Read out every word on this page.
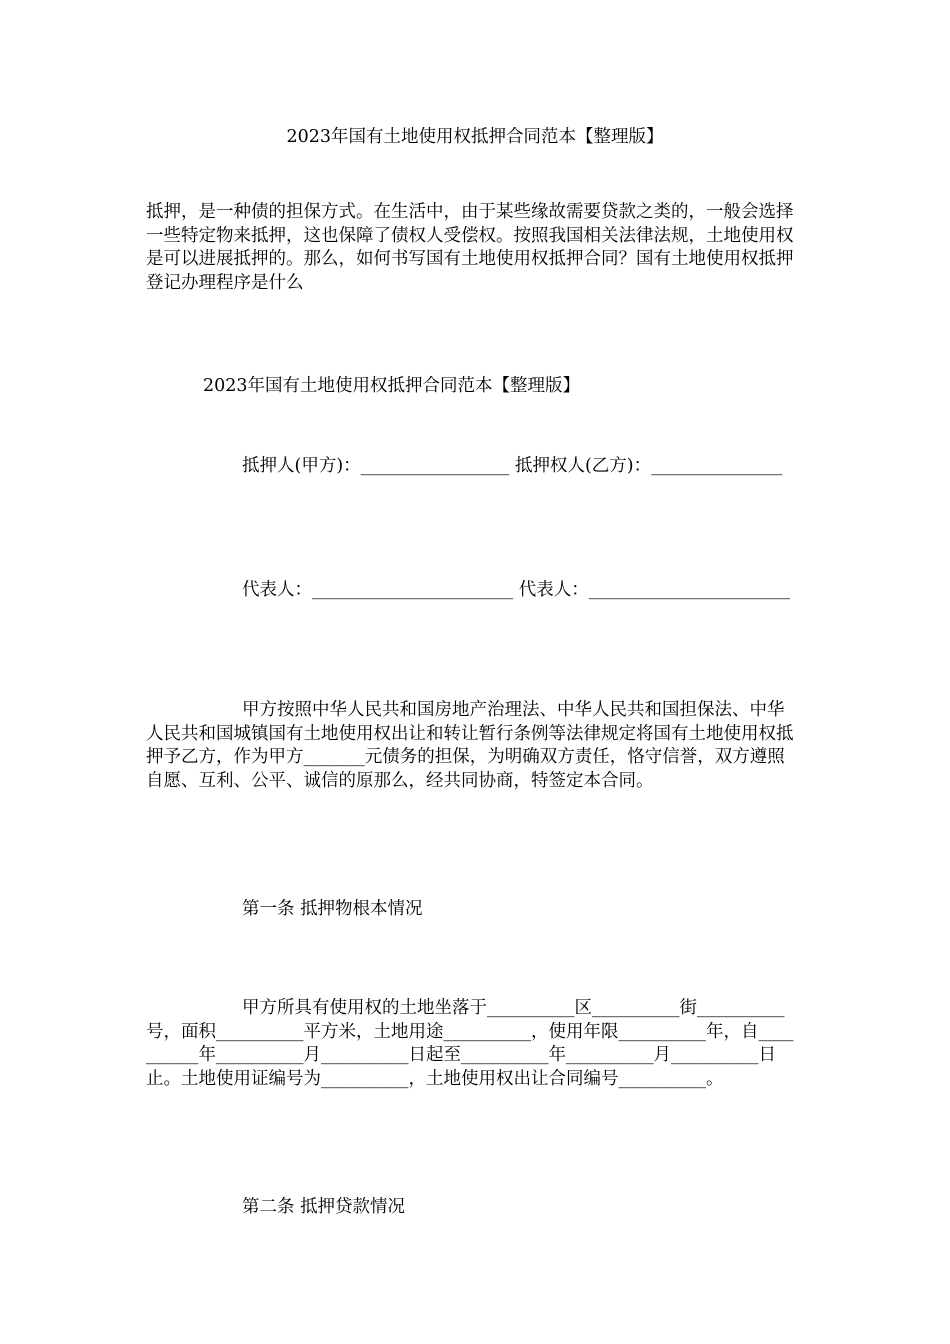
2023年国有土地使用权抵押合同范本【整理版】

抵押，是一种债的担保方式。在生活中，由于某些缘故需要贷款之类的，一般会选择一些特定物来抵押，这也保障了债权人受偿权。按照我国相关法律法规，土地使用权是可以进展抵押的。那么，如何书写国有土地使用权抵押合同？国有土地使用权抵押登记办理程序是什么

2023年国有土地使用权抵押合同范本【整理版】

抵押人(甲方)：_________________ 抵押权人(乙方)：_______________

代表人：_______________________ 代表人：_______________________

甲方按照中华人民共和国房地产治理法、中华人民共和国担保法、中华人民共和国城镇国有土地使用权出让和转让暂行条例等法律规定将国有土地使用权抵押予乙方，作为甲方_______元债务的担保，为明确双方责任，恪守信誉，双方遵照自愿、互利、公平、诚信的原那么，经共同协商，特签定本合同。

第一条 抵押物根本情况

甲方所具有使用权的土地坐落于__________区__________街__________号，面积__________平方米，土地用途__________，使用年限__________年，自__________年__________月__________日起至__________年__________月__________日止。土地使用证编号为__________，土地使用权出让合同编号__________。

第二条 抵押贷款情况
